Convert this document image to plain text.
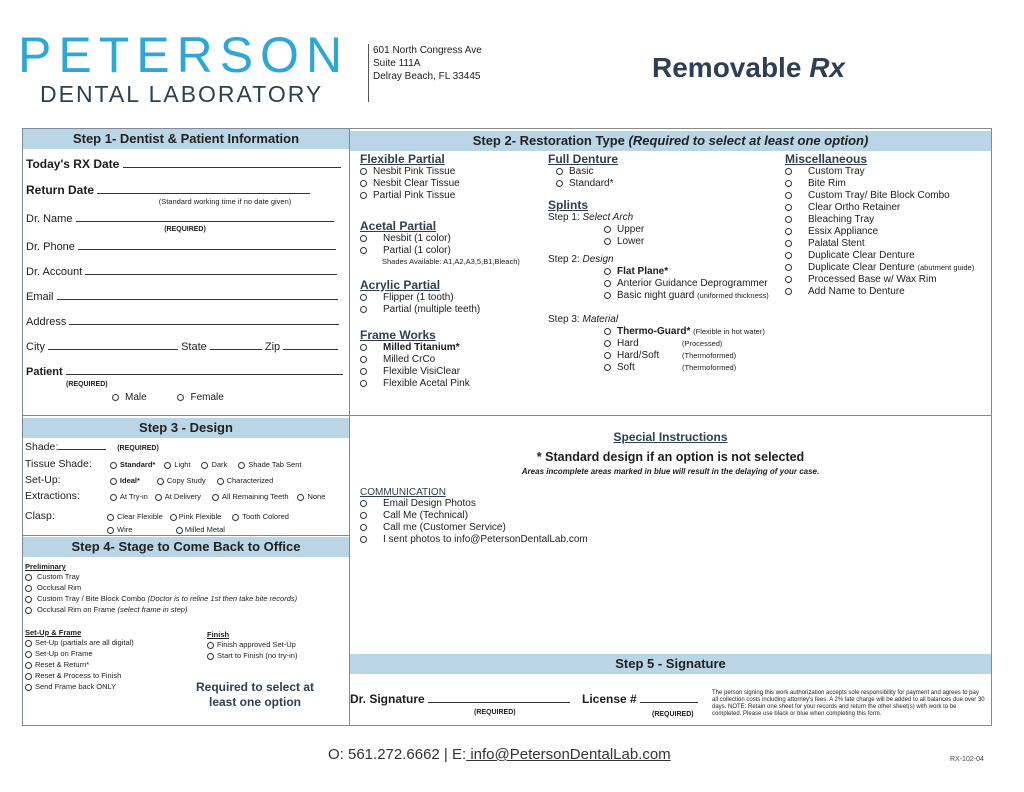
PETERSON
DENTAL LABORATORY
601 North Congress Ave
Suite 111A
Delray Beach, FL 33445	Removable Rx
Step 1- Dentist & Patient Information
Today's RX Date
Return Date
(Standard working time if no date given)
Dr. Name
(REQUIRED)
Dr. Phone
Dr. Account
Email
Address
City	State	Zip
Patient
(REQUIRED)
Male	Female
Step 2- Restoration Type (Required to select at least one option)
Flexible Partial
Nesbit Pink Tissue
Nesbit Clear Tissue
Partial Pink Tissue
Acetal Partial
Nesbit (1 color)
Partial (1 color)
Shades Available: A1,A2,A3,5,B1,Bleach)
Acrylic Partial
Flipper (1 tooth)
Partial (multiple teeth)
Frame Works
Milled Titanium*
Milled CrCo
Flexible VisiClear
Flexible Acetal Pink
Full Denture
Basic
Standard*
Splints
Step 1: Select Arch
Upper
Lower
Step 2: Design
Flat Plane*
Anterior Guidance Deprogrammer
Basic night guard (uniformed thickness)
Step 3: Material
Thermo-Guard* (Flexible in hot water)
Hard	(Processed)
Hard/Soft	(Thermoformed)
Soft	(Thermoformed)
Miscellaneous
Custom Tray
Bite Rim
Custom Tray/ Bite Block Combo
Clear Ortho Retainer
Bleaching Tray
Essix Appliance
Palatal Stent
Duplicate Clear Denture
Duplicate Clear Denture (abutment guide)
Processed Base w/ Wax Rim
Add Name to Denture
Step 3 - Design
Shade:	(REQUIRED)
Tissue Shade:	Standard*	Light	Dark	Shade Tab Sent
Set-Up:	Ideal*	Copy Study	Characterized
Extractions:	At Try-in At Delivery	All Remaining Teeth	None
Clasp:	Clear Flexible Pink Flexible	Tooth Colored
Wire	Milled Metal
Step 4- Stage to Come Back to Office
Preliminary
Custom Tray
Occlusal Rim
Custom Tray / Bite Block Combo (Doctor is to reline 1st then take bite records)
Occlusal Rim on Frame (select frame in step)
Set-Up & Frame
Set-Up (partials are all digital)
Set-Up on Frame
Reset & Return*
Reset & Process to Finish
Send Frame back ONLY
Finish
Finish approved Set-Up
Start to Finish (no try-in)
Required to select at least one option
Special Instructions
* Standard design if an option is not selected
Areas incomplete areas marked in blue will result in the delaying of your case.
COMMUNICATION
Email Design Photos
Call Me (Technical)
Call me (Customer Service)
I sent photos to info@PetersonDentalLab.com
Step 5 - Signature
Dr. Signature
(REQUIRED)
License #
(REQUIRED)
The person signing this work authorization accepts sole responsibility for payment and agrees to pay all collection costs including attorney's fees. A 2% late charge will be added to all balances due over 30 days. NOTE: Retain one sheet for your records and return the other sheet(s) with work to be completed. Please use black or blue when completing this form.
O: 561.272.6662 | E: info@PetersonDentalLab.com	RX-102-04
